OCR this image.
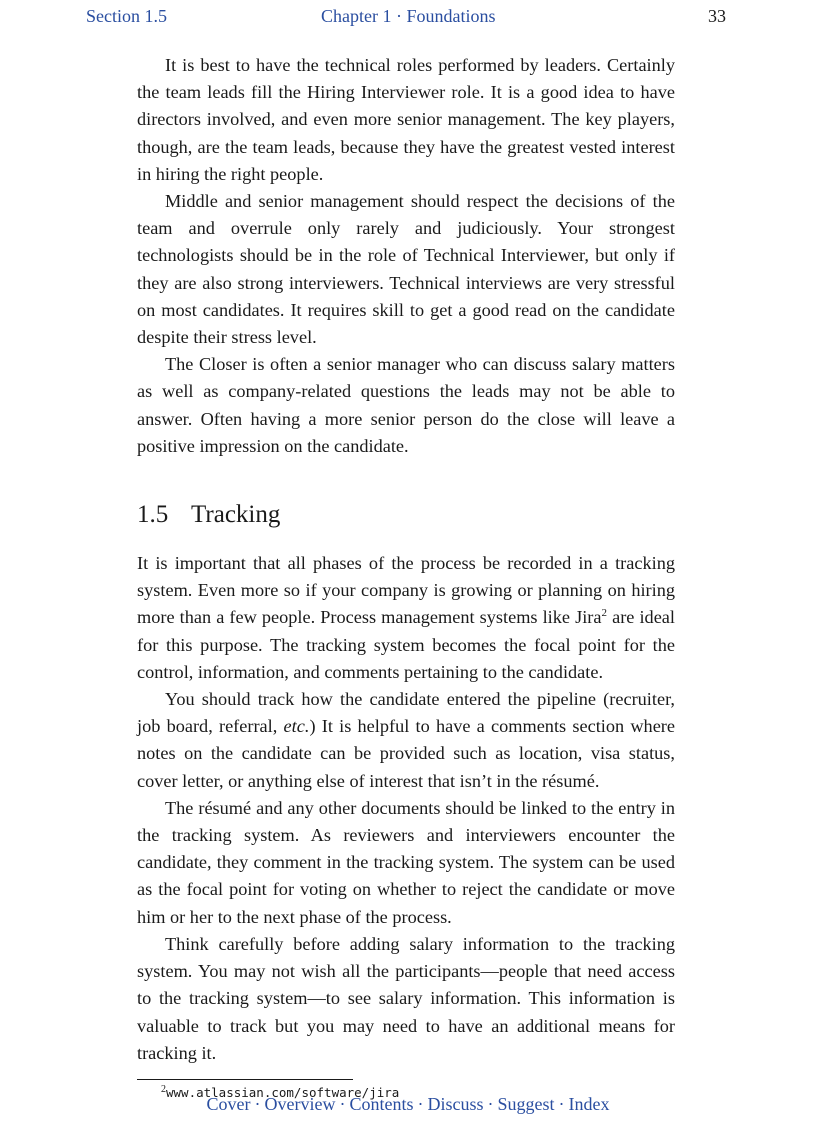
Section 1.5	Chapter 1 · Foundations	33

It is best to have the technical roles performed by leaders. Certainly the team leads fill the Hiring Interviewer role. It is a good idea to have directors involved, and even more senior management. The key players, though, are the team leads, because they have the greatest vested interest in hiring the right people.

Middle and senior management should respect the decisions of the team and overrule only rarely and judiciously. Your strongest technologists should be in the role of Technical Interviewer, but only if they are also strong interviewers. Technical interviews are very stressful on most candidates. It requires skill to get a good read on the candidate despite their stress level.

The Closer is often a senior manager who can discuss salary matters as well as company-related questions the leads may not be able to answer. Often having a more senior person do the close will leave a positive impression on the candidate.

1.5 Tracking

It is important that all phases of the process be recorded in a tracking system. Even more so if your company is growing or planning on hiring more than a few people. Process management systems like Jira$^2$ are ideal for this purpose. The tracking system becomes the focal point for the control, information, and comments pertaining to the candidate.

You should track how the candidate entered the pipeline (recruiter, job board, referral, etc.) It is helpful to have a comments section where notes on the candidate can be provided such as location, visa status, cover letter, or anything else of interest that isn’t in the résumé.

The résumé and any other documents should be linked to the entry in the tracking system. As reviewers and interviewers encounter the candidate, they comment in the tracking system. The system can be used as the focal point for voting on whether to reject the candidate or move him or her to the next phase of the process.

Think carefully before adding salary information to the tracking system. You may not wish all the participants—people that need access to the tracking system—to see salary information. This information is valuable to track but you may need to have an additional means for tracking it.

$^2$www.atlassian.com/software/jira
Cover · Overview · Contents · Discuss · Suggest · Index
